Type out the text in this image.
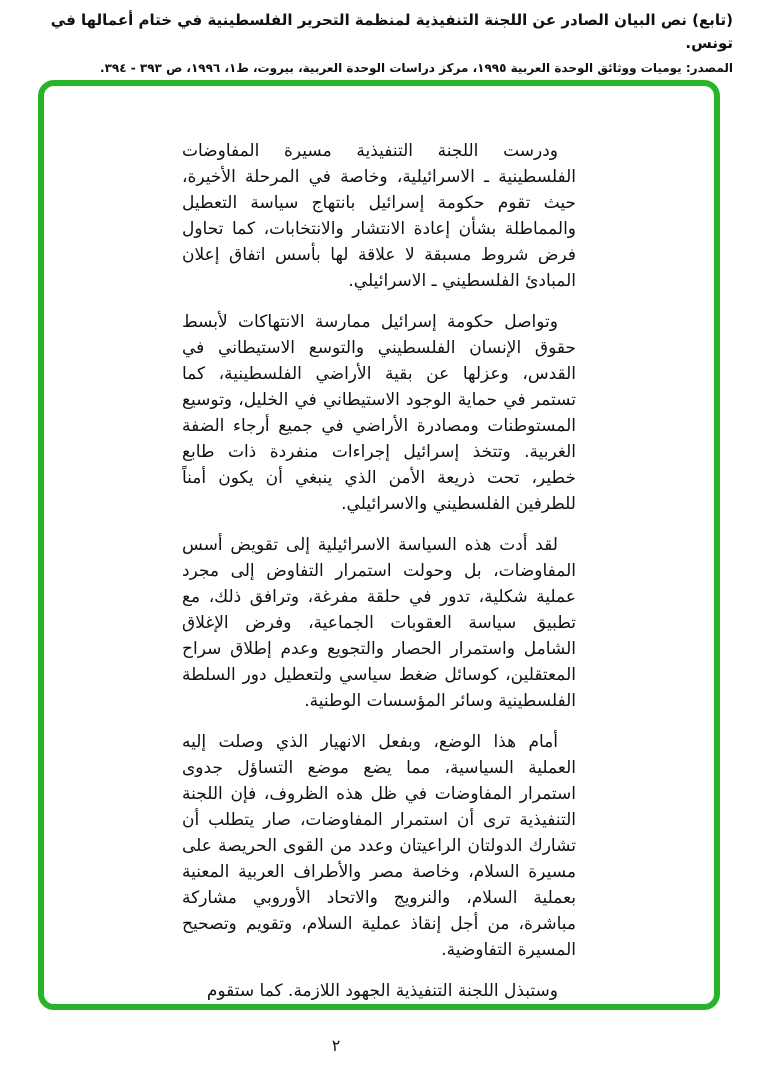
(تابع) نص البيان الصادر عن اللجنة التنفيذية لمنظمة التحرير الفلسطينية في ختام أعمالها في تونس.
المصدر: يوميات ووثائق الوحدة العربية ١٩٩٥، مركز دراسات الوحدة العربية، بيروت، ط١، ١٩٩٦، ص ٣٩٣ - ٣٩٤.

ودرست اللجنة التنفيذية مسيرة المفاوضات الفلسطينية ـ الاسرائيلية، وخاصة في المرحلة الأخيرة، حيث تقوم حكومة إسرائيل بانتهاج سياسة التعطيل والمماطلة بشأن إعادة الانتشار والانتخابات، كما تحاول فرض شروط مسبقة لا علاقة لها بأسس اتفاق إعلان المبادئ الفلسطيني ـ الاسرائيلي.

وتواصل حكومة إسرائيل ممارسة الانتهاكات لأبسط حقوق الإنسان الفلسطيني والتوسع الاستيطاني في القدس، وعزلها عن بقية الأراضي الفلسطينية، كما تستمر في حماية الوجود الاستيطاني في الخليل، وتوسيع المستوطنات ومصادرة الأراضي في جميع أرجاء الضفة الغربية. وتتخذ إسرائيل إجراءات منفردة ذات طابع خطير، تحت ذريعة الأمن الذي ينبغي أن يكون أمناً للطرفين الفلسطيني والاسرائيلي.

لقد أدت هذه السياسة الاسرائيلية إلى تقويض أسس المفاوضات، بل وحولت استمرار التفاوض إلى مجرد عملية شكلية، تدور في حلقة مفرغة، وترافق ذلك، مع تطبيق سياسة العقوبات الجماعية، وفرض الإغلاق الشامل واستمرار الحصار والتجويع وعدم إطلاق سراح المعتقلين، كوسائل ضغط سياسي ولتعطيل دور السلطة الفلسطينية وسائر المؤسسات الوطنية.

أمام هذا الوضع، وبفعل الانهيار الذي وصلت إليه العملية السياسية، مما يضع موضع التساؤل جدوى استمرار المفاوضات في ظل هذه الظروف، فإن اللجنة التنفيذية ترى أن استمرار المفاوضات، صار يتطلب أن تشارك الدولتان الراعيتان وعدد من القوى الحريصة على مسيرة السلام، وخاصة مصر والأطراف العربية المعنية بعملية السلام، والنرويج والاتحاد الأوروبي مشاركة مباشرة، من أجل إنقاذ عملية السلام، وتقويم وتصحيح المسيرة التفاوضية.

وستبذل اللجنة التنفيذية الجهود اللازمة. كما ستقوم

٢
